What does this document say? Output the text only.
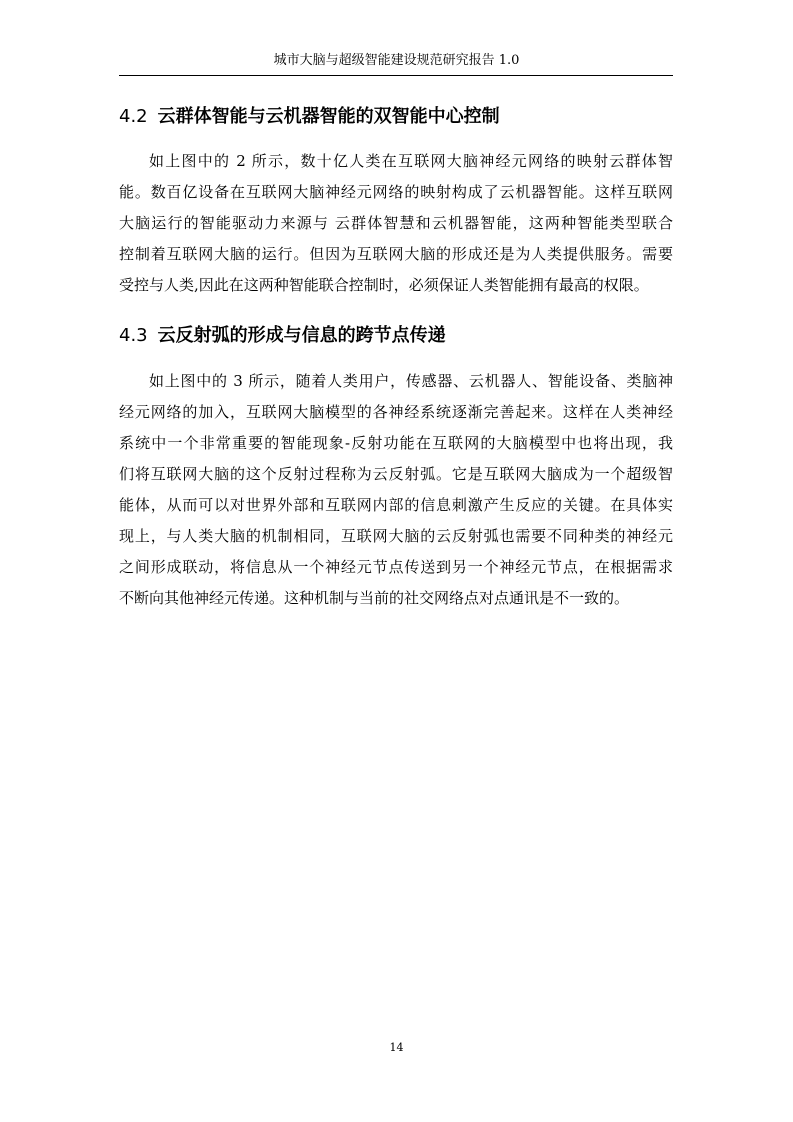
城市大脑与超级智能建设规范研究报告 1.0
4.2 云群体智能与云机器智能的双智能中心控制
如上图中的 2 所示，数十亿人类在互联网大脑神经元网络的映射云群体智
能。数百亿设备在互联网大脑神经元网络的映射构成了云机器智能。这样互联网
大脑运行的智能驱动力来源与 云群体智慧和云机器智能，这两种智能类型联合
控制着互联网大脑的运行。但因为互联网大脑的形成还是为人类提供服务。需要
受控与人类,因此在这两种智能联合控制时，必须保证人类智能拥有最高的权限。
4.3 云反射弧的形成与信息的跨节点传递
如上图中的 3 所示，随着人类用户，传感器、云机器人、智能设备、类脑神
经元网络的加入，互联网大脑模型的各神经系统逐渐完善起来。这样在人类神经
系统中一个非常重要的智能现象-反射功能在互联网的大脑模型中也将出现，我
们将互联网大脑的这个反射过程称为云反射弧。它是互联网大脑成为一个超级智
能体，从而可以对世界外部和互联网内部的信息刺激产生反应的关键。在具体实
现上，与人类大脑的机制相同，互联网大脑的云反射弧也需要不同种类的神经元
之间形成联动，将信息从一个神经元节点传送到另一个神经元节点，在根据需求
不断向其他神经元传递。这种机制与当前的社交网络点对点通讯是不一致的。
14
